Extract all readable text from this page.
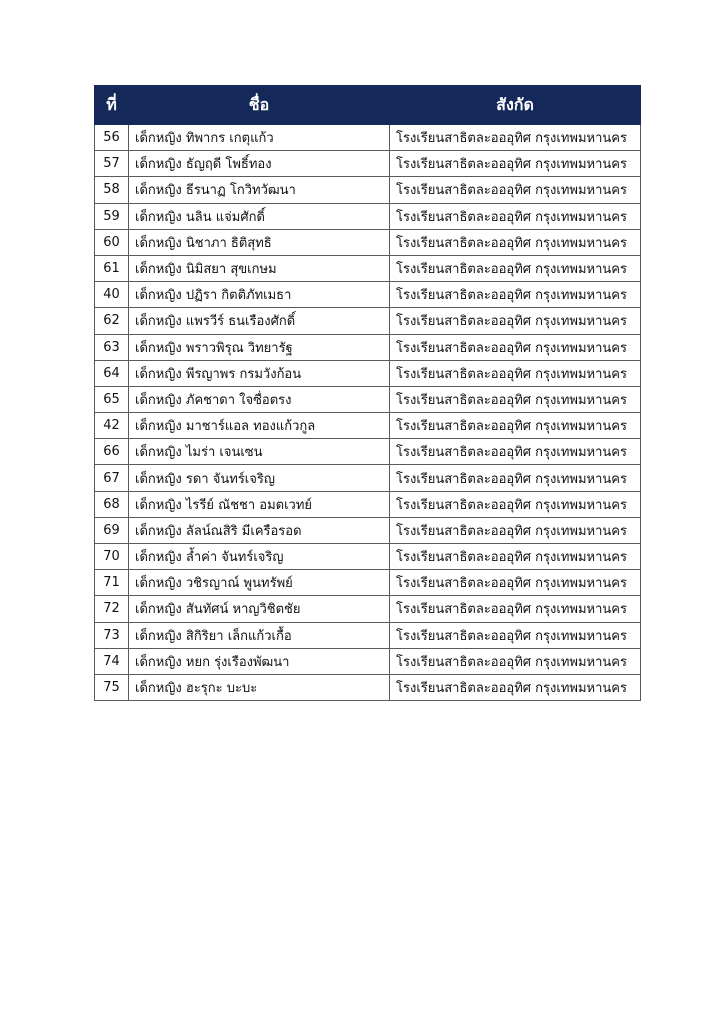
ที่	ชื่อ	สังกัด
56	เด็กหญิง ทิพากร เกตุแก้ว	โรงเรียนสาธิตละอออุทิศ กรุงเทพมหานคร
57	เด็กหญิง ธัญฤดี โพธิ์ทอง	โรงเรียนสาธิตละอออุทิศ กรุงเทพมหานคร
58	เด็กหญิง ธีรนาฏ โกวิทวัฒนา	โรงเรียนสาธิตละอออุทิศ กรุงเทพมหานคร
59	เด็กหญิง นลิน แจ่มศักดิ์	โรงเรียนสาธิตละอออุทิศ กรุงเทพมหานคร
60	เด็กหญิง นิชาภา ธิติสุทธิ	โรงเรียนสาธิตละอออุทิศ กรุงเทพมหานคร
61	เด็กหญิง นิมิสยา สุขเกษม	โรงเรียนสาธิตละอออุทิศ กรุงเทพมหานคร
40	เด็กหญิง ปฏิรา กิตติภัทเมธา	โรงเรียนสาธิตละอออุทิศ กรุงเทพมหานคร
62	เด็กหญิง แพรวีร์ ธนเรืองศักดิ์	โรงเรียนสาธิตละอออุทิศ กรุงเทพมหานคร
63	เด็กหญิง พราวพิรุณ วิทยารัฐ	โรงเรียนสาธิตละอออุทิศ กรุงเทพมหานคร
64	เด็กหญิง พีรญาพร กรมวังก้อน	โรงเรียนสาธิตละอออุทิศ กรุงเทพมหานคร
65	เด็กหญิง ภัคชาดา ใจซื่อตรง	โรงเรียนสาธิตละอออุทิศ กรุงเทพมหานคร
42	เด็กหญิง มาชาร์แอล ทองแก้วกูล	โรงเรียนสาธิตละอออุทิศ กรุงเทพมหานคร
66	เด็กหญิง ไมร่า เจนเซน	โรงเรียนสาธิตละอออุทิศ กรุงเทพมหานคร
67	เด็กหญิง รดา จันทร์เจริญ	โรงเรียนสาธิตละอออุทิศ กรุงเทพมหานคร
68	เด็กหญิง ไรรีย์ ณัชชา อมตเวทย์	โรงเรียนสาธิตละอออุทิศ กรุงเทพมหานคร
69	เด็กหญิง ลัลน์ณสิริ มีเครือรอด	โรงเรียนสาธิตละอออุทิศ กรุงเทพมหานคร
70	เด็กหญิง ล้ำค่า จันทร์เจริญ	โรงเรียนสาธิตละอออุทิศ กรุงเทพมหานคร
71	เด็กหญิง วชิรญาณ์ พูนทรัพย์	โรงเรียนสาธิตละอออุทิศ กรุงเทพมหานคร
72	เด็กหญิง สันทัศน์ หาญวิชิตชัย	โรงเรียนสาธิตละอออุทิศ กรุงเทพมหานคร
73	เด็กหญิง สิกิริยา เล็กแก้วเกื้อ	โรงเรียนสาธิตละอออุทิศ กรุงเทพมหานคร
74	เด็กหญิง หยก รุ่งเรืองพัฒนา	โรงเรียนสาธิตละอออุทิศ กรุงเทพมหานคร
75	เด็กหญิง ฮะรุกะ บะบะ	โรงเรียนสาธิตละอออุทิศ กรุงเทพมหานคร
